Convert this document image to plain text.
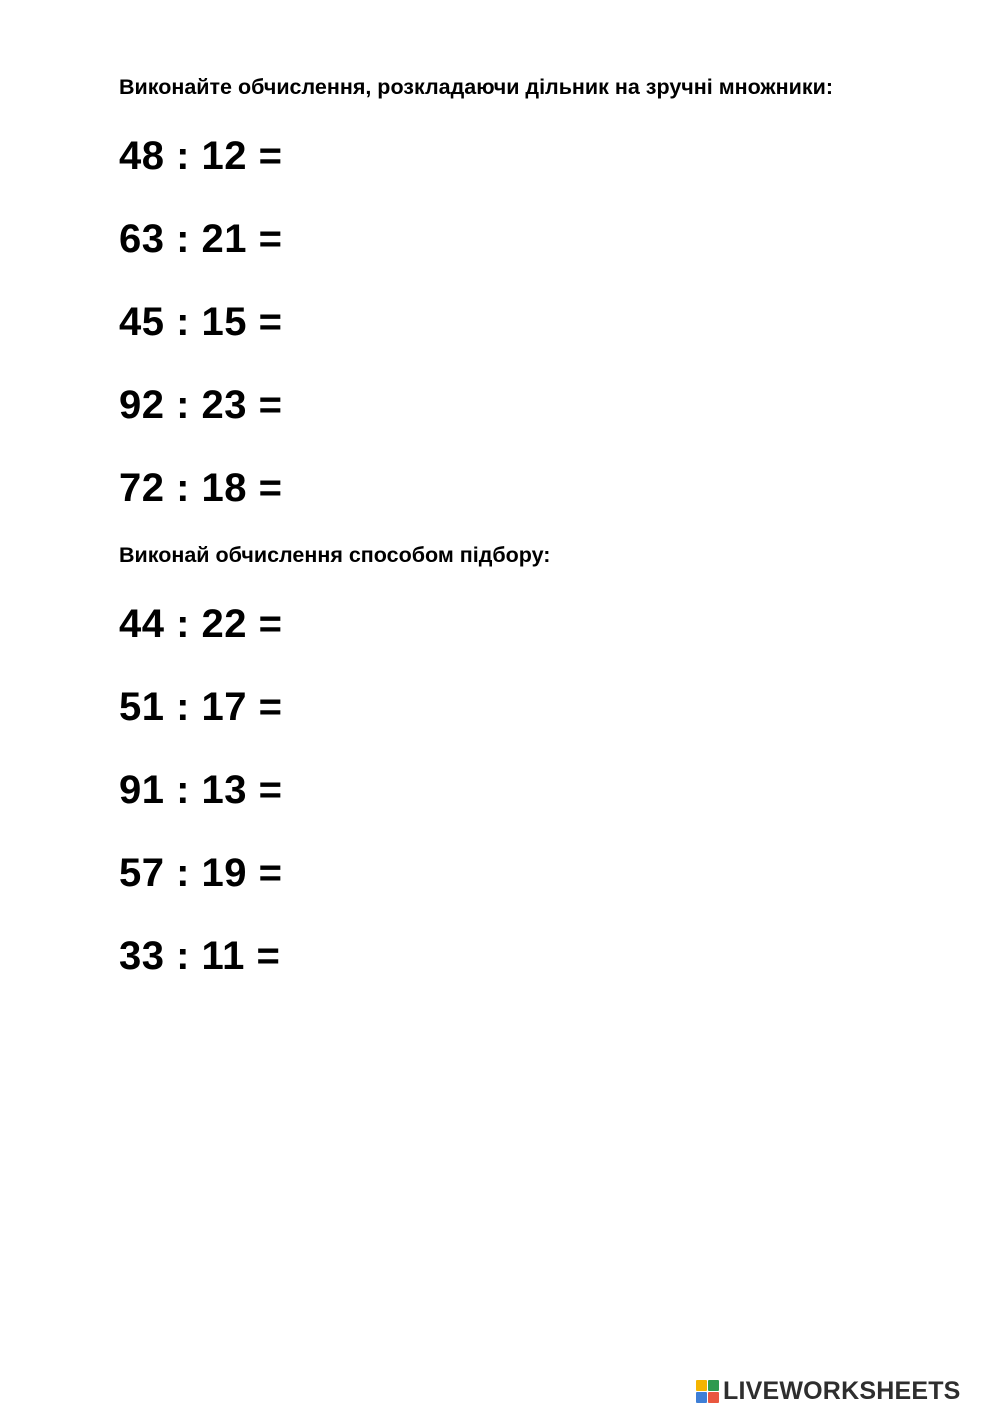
Виконайте обчислення, розкладаючи дільник на зручні множники:
48 : 12 =
63 : 21 =
45 : 15 =
92 : 23 =
72 : 18 =
Виконай обчислення способом підбору:
44 : 22 =
51 : 17 =
91 : 13 =
57 : 19 =
33 : 11 =
LIVEWORKSHEETS
